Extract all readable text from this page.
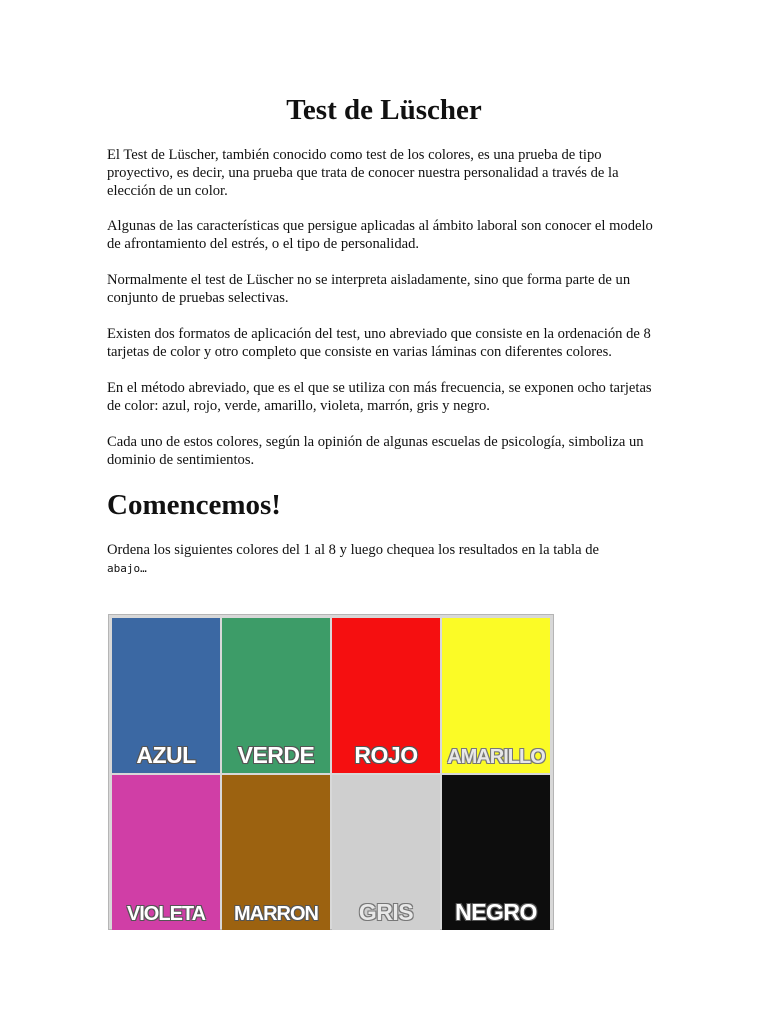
Test de Lüscher

El Test de Lüscher, también conocido como test de los colores, es una prueba de tipo proyectivo, es decir, una prueba que trata de conocer nuestra personalidad a través de la elección de un color.

Algunas de las características que persigue aplicadas al ámbito laboral son conocer el modelo de afrontamiento del estrés, o el tipo de personalidad.

Normalmente el test de Lüscher no se interpreta aisladamente, sino que forma parte de un conjunto de pruebas selectivas.

Existen dos formatos de aplicación del test, uno abreviado que consiste en la ordenación de 8 tarjetas de color y otro completo que consiste en varias láminas con diferentes colores.

En el método abreviado, que es el que se utiliza con más frecuencia, se exponen ocho tarjetas de color: azul, rojo, verde, amarillo, violeta, marrón, gris y negro.

Cada uno de estos colores, según la opinión de algunas escuelas de psicología, simboliza un dominio de sentimientos.

Comencemos!

Ordena los siguientes colores del 1 al 8 y luego chequea los resultados en la tabla de
abajo…

AZUL	VERDE	ROJO	AMARILLO
VIOLETA	MARRON	GRIS	NEGRO
